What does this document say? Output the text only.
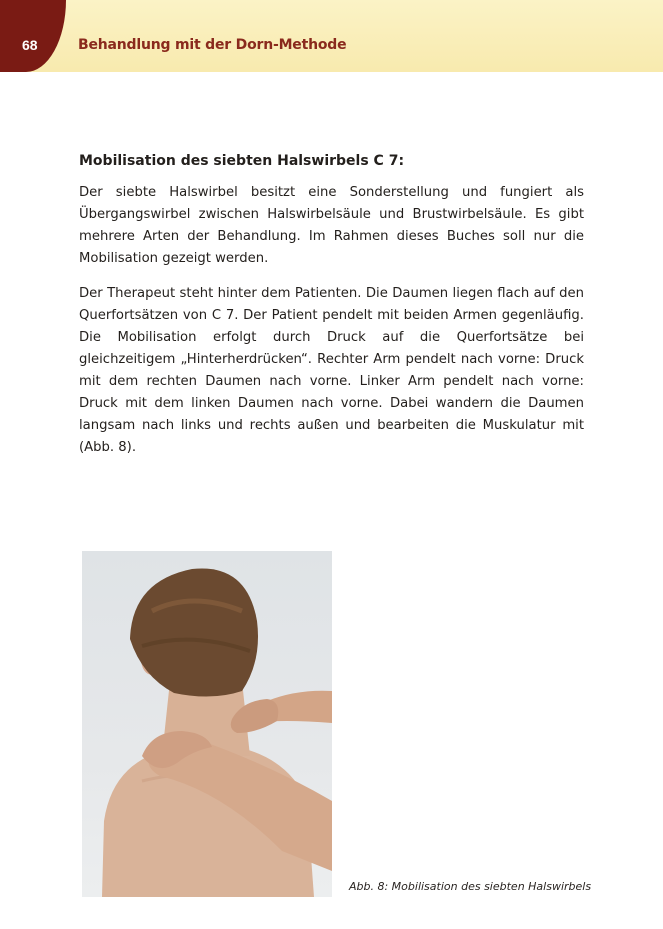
68	Behandlung mit der Dorn-Methode
Mobilisation des siebten Halswirbels C 7:

Der siebte Halswirbel besitzt eine Sonderstellung und fungiert als Übergangswirbel zwischen Halswirbelsäule und Brustwirbelsäule. Es gibt mehrere Arten der Behandlung. Im Rahmen dieses Buches soll nur die Mobilisation gezeigt werden.

Der Therapeut steht hinter dem Patienten. Die Daumen liegen flach auf den Querfortsätzen von C 7. Der Patient pendelt mit beiden Armen gegenläufig. Die Mobilisation erfolgt durch Druck auf die Querfortsätze bei gleichzeitigem „Hinterherdrücken“. Rechter Arm pendelt nach vorne: Druck mit dem rechten Daumen nach vorne. Linker Arm pendelt nach vorne: Druck mit dem linken Daumen nach vorne. Dabei wandern die Daumen langsam nach links und rechts außen und bearbeiten die Muskulatur mit (Abb. 8).

Abb. 8: Mobilisation des siebten Halswirbels
